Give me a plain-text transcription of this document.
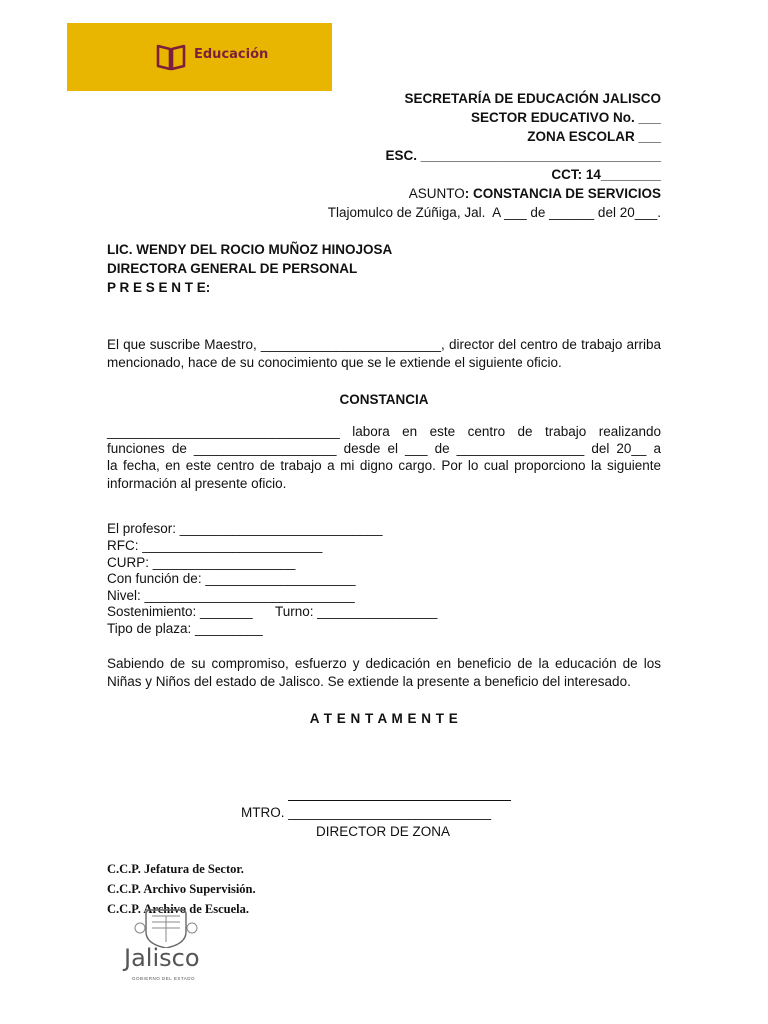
Educación
SECRETARÍA DE EDUCACIÓN JALISCO
SECTOR EDUCATIVO No. ___
ZONA ESCOLAR ___
ESC. ________________________________
CCT: 14________
ASUNTO: CONSTANCIA DE SERVICIOS
Tlajomulco de Zúñiga, Jal.  A ___ de ______ del 20___.
LIC. WENDY DEL ROCIO MUÑOZ HINOJOSA
DIRECTORA GENERAL DE PERSONAL
P R E S E N T E:
El que suscribe Maestro, ________________________, director del centro de trabajo arriba mencionado, hace de su conocimiento que se le extiende el siguiente oficio.
CONSTANCIA
_______________________________ labora en este centro de trabajo realizando
funciones de ___________________ desde el ___ de _________________ del 20__ a
la fecha, en este centro de trabajo a mi digno cargo. Por lo cual proporciono la siguiente información al presente oficio.
El profesor: ___________________________
RFC: ________________________
CURP: ___________________
Con función de: ____________________
Nivel: ____________________________
Sostenimiento: _______ Turno: ________________
Tipo de plaza: _________
Sabiendo de su compromiso, esfuerzo y dedicación en beneficio de la educación de los Niñas y Niños del estado de Jalisco. Se extiende la presente a beneficio del interesado.
A T E N T A M E N T E
MTRO. ___________________________
DIRECTOR DE ZONA
C.C.P. Jefatura de Sector.
C.C.P. Archivo Supervisión.
C.C.P. Archivo de Escuela.
Jalisco
GOBIERNO DEL ESTADO
